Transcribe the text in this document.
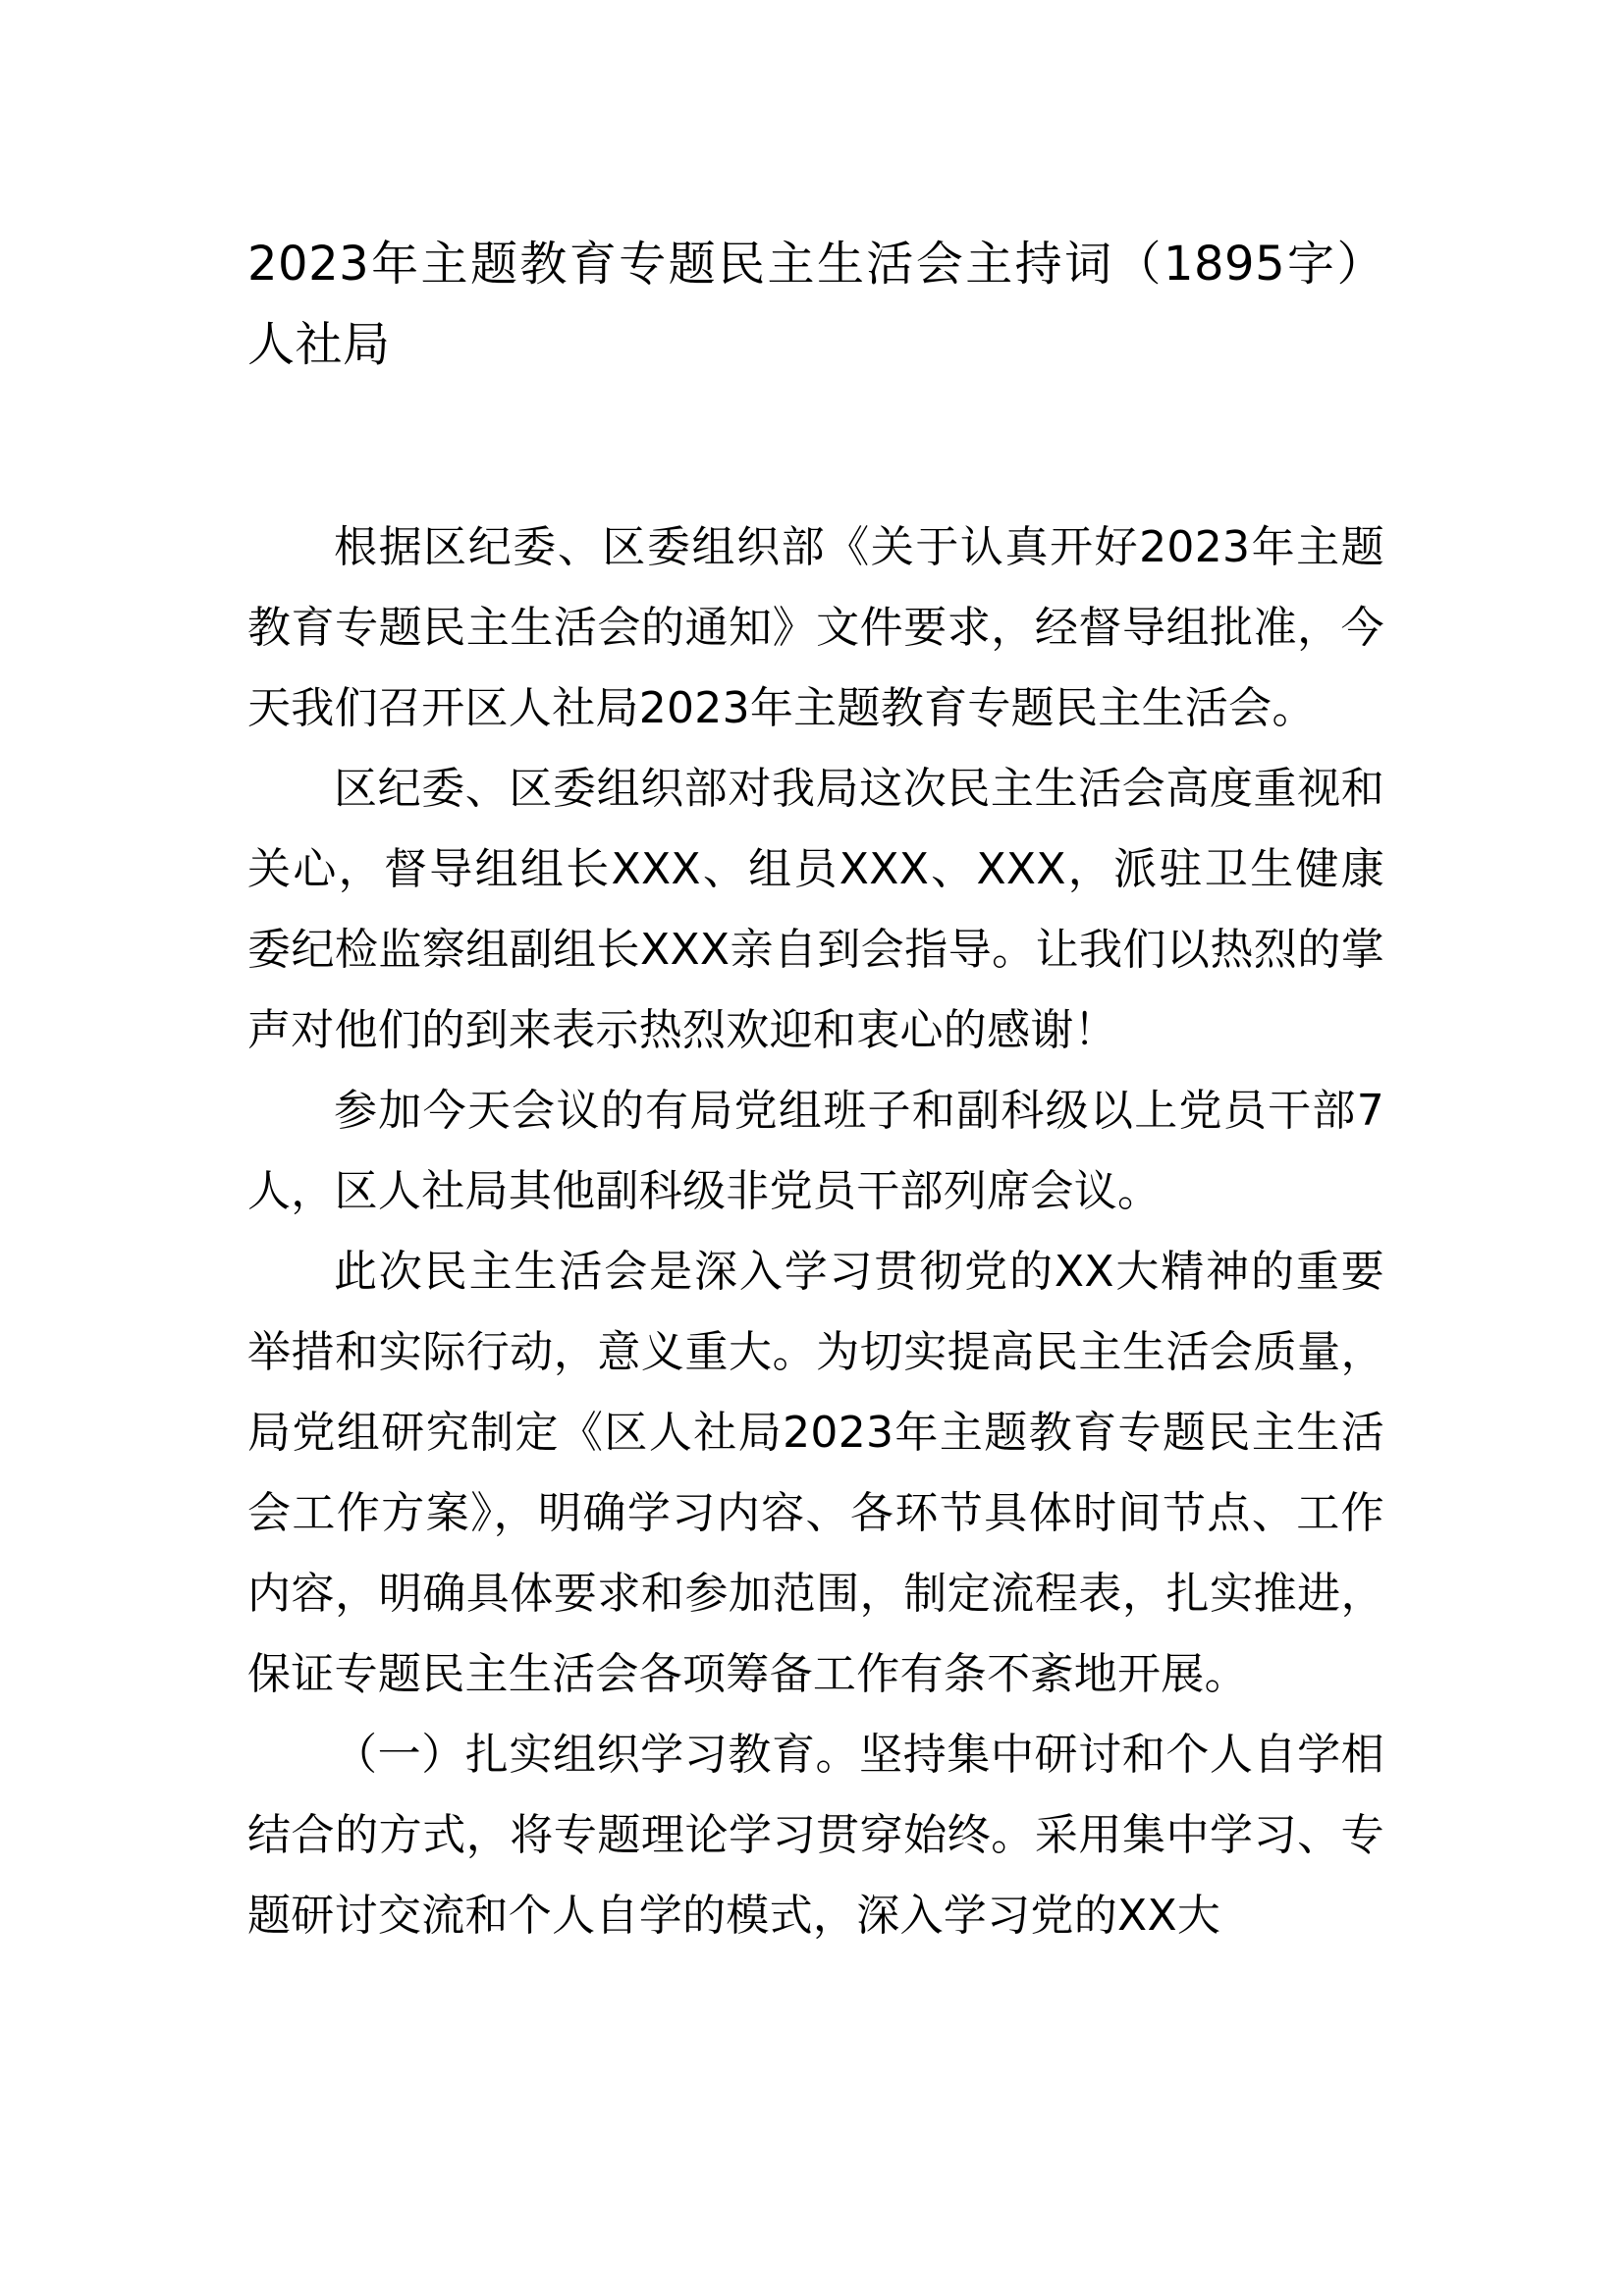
2023年主题教育专题民主生活会主持词（1895字）人社局

根据区纪委、区委组织部《关于认真开好2023年主题教育专题民主生活会的通知》文件要求，经督导组批准，今天我们召开区人社局2023年主题教育专题民主生活会。

区纪委、区委组织部对我局这次民主生活会高度重视和关心，督导组组长XXX、组员XXX、XXX，派驻卫生健康委纪检监察组副组长XXX亲自到会指导。让我们以热烈的掌声对他们的到来表示热烈欢迎和衷心的感谢！

参加今天会议的有局党组班子和副科级以上党员干部7人，区人社局其他副科级非党员干部列席会议。

此次民主生活会是深入学习贯彻党的XX大精神的重要举措和实际行动，意义重大。为切实提高民主生活会质量，局党组研究制定《区人社局2023年主题教育专题民主生活会工作方案》，明确学习内容、各环节具体时间节点、工作内容，明确具体要求和参加范围，制定流程表，扎实推进，保证专题民主生活会各项筹备工作有条不紊地开展。

（一）扎实组织学习教育。坚持集中研讨和个人自学相结合的方式，将专题理论学习贯穿始终。采用集中学习、专题研讨交流和个人自学的模式，深入学习党的XX大
